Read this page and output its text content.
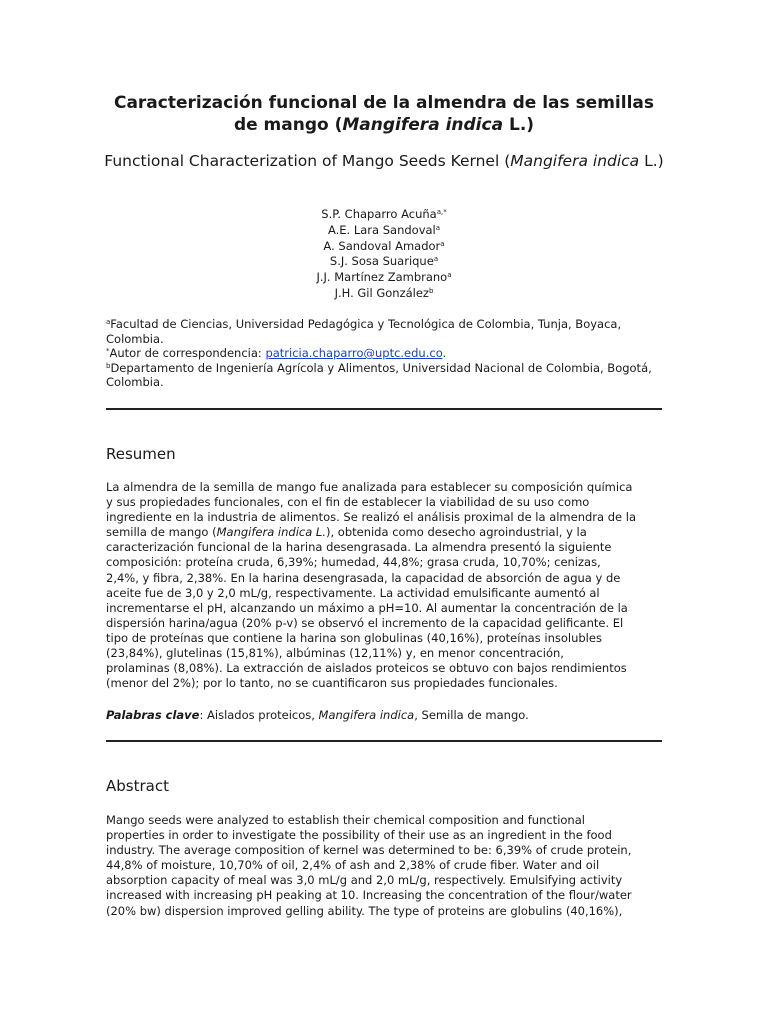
Caracterización funcional de la almendra de las semillas de mango (Mangifera indica L.)
Functional Characterization of Mango Seeds Kernel (Mangifera indica L.)
S.P. Chaparro Acuña$^{a,*}$
A.E. Lara Sandoval$^a$
A. Sandoval Amador$^a$
S.J. Sosa Suarique$^a$
J.J. Martínez Zambrano$^a$
J.H. Gil González$^b$
$^a$Facultad de Ciencias, Universidad Pedagógica y Tecnológica de Colombia, Tunja, Boyaca, Colombia.
*Autor de correspondencia: patricia.chaparro@uptc.edu.co.
$^b$Departamento de Ingeniería Agrícola y Alimentos, Universidad Nacional de Colombia, Bogotá, Colombia.
Resumen
La almendra de la semilla de mango fue analizada para establecer su composición química
y sus propiedades funcionales, con el fin de establecer la viabilidad de su uso como
ingrediente en la industria de alimentos. Se realizó el análisis proximal de la almendra de la
semilla de mango (Mangifera indica L.), obtenida como desecho agroindustrial, y la
caracterización funcional de la harina desengrasada. La almendra presentó la siguiente
composición: proteína cruda, 6,39%; humedad, 44,8%; grasa cruda, 10,70%; cenizas,
2,4%, y fibra, 2,38%. En la harina desengrasada, la capacidad de absorción de agua y de
aceite fue de 3,0 y 2,0 mL/g, respectivamente. La actividad emulsificante aumentó al
incrementarse el pH, alcanzando un máximo a pH=10. Al aumentar la concentración de la
dispersión harina/agua (20% p-v) se observó el incremento de la capacidad gelificante. El
tipo de proteínas que contiene la harina son globulinas (40,16%), proteínas insolubles
(23,84%), glutelinas (15,81%), albúminas (12,11%) y, en menor concentración,
prolaminas (8,08%). La extracción de aislados proteicos se obtuvo con bajos rendimientos
(menor del 2%); por lo tanto, no se cuantificaron sus propiedades funcionales.
Palabras clave: Aislados proteicos, Mangifera indica, Semilla de mango.
Abstract
Mango seeds were analyzed to establish their chemical composition and functional
properties in order to investigate the possibility of their use as an ingredient in the food
industry. The average composition of kernel was determined to be: 6,39% of crude protein,
44,8% of moisture, 10,70% of oil, 2,4% of ash and 2,38% of crude fiber. Water and oil
absorption capacity of meal was 3,0 mL/g and 2,0 mL/g, respectively. Emulsifying activity
increased with increasing pH peaking at 10. Increasing the concentration of the flour/water
(20% bw) dispersion improved gelling ability. The type of proteins are globulins (40,16%),
